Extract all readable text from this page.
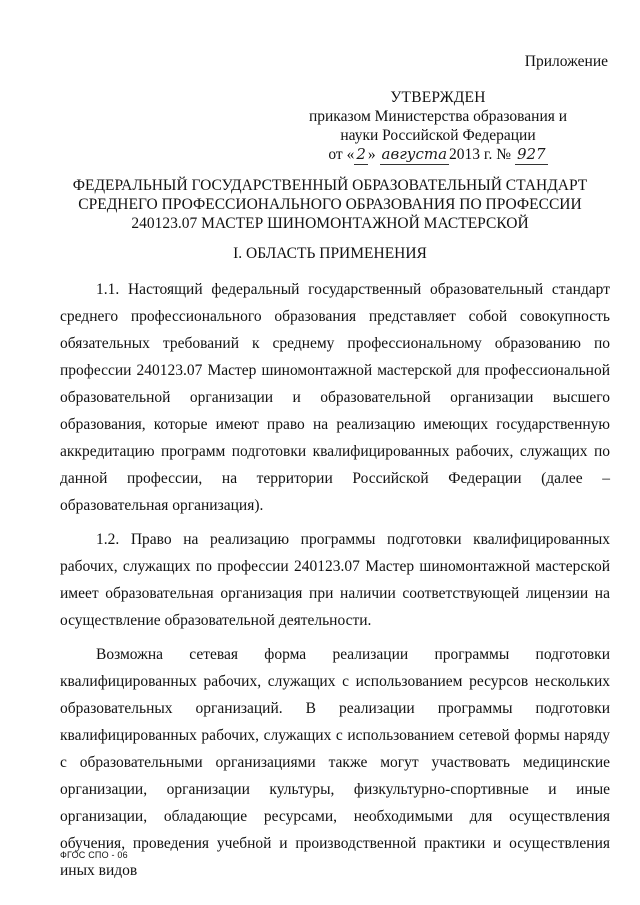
Приложение
УТВЕРЖДЕН
приказом Министерства образования и
науки Российской Федерации
от « 2 » августа 2013 г. № 927
ФЕДЕРАЛЬНЫЙ ГОСУДАРСТВЕННЫЙ ОБРАЗОВАТЕЛЬНЫЙ СТАНДАРТ
СРЕДНЕГО ПРОФЕССИОНАЛЬНОГО ОБРАЗОВАНИЯ ПО ПРОФЕССИИ
240123.07 МАСТЕР ШИНОМОНТАЖНОЙ МАСТЕРСКОЙ
I. ОБЛАСТЬ ПРИМЕНЕНИЯ

1.1. Настоящий федеральный государственный образовательный стандарт среднего профессионального образования представляет собой совокупность обязательных требований к среднему профессиональному образованию по профессии 240123.07 Мастер шиномонтажной мастерской для профессиональной образовательной организации и образовательной организации высшего образования, которые имеют право на реализацию имеющих государственную аккредитацию программ подготовки квалифицированных рабочих, служащих по данной профессии, на территории Российской Федерации (далее – образовательная организация).

1.2. Право на реализацию программы подготовки квалифицированных рабочих, служащих по профессии 240123.07 Мастер шиномонтажной мастерской имеет образовательная организация при наличии соответствующей лицензии на осуществление образовательной деятельности.

Возможна сетевая форма реализации программы подготовки квалифицированных рабочих, служащих с использованием ресурсов нескольких образовательных организаций. В реализации программы подготовки квалифицированных рабочих, служащих с использованием сетевой формы наряду с образовательными организациями также могут участвовать медицинские организации, организации культуры, физкультурно-спортивные и иные организации, обладающие ресурсами, необходимыми для осуществления обучения, проведения учебной и производственной практики и осуществления иных видов

ФГОС СПО - 06
